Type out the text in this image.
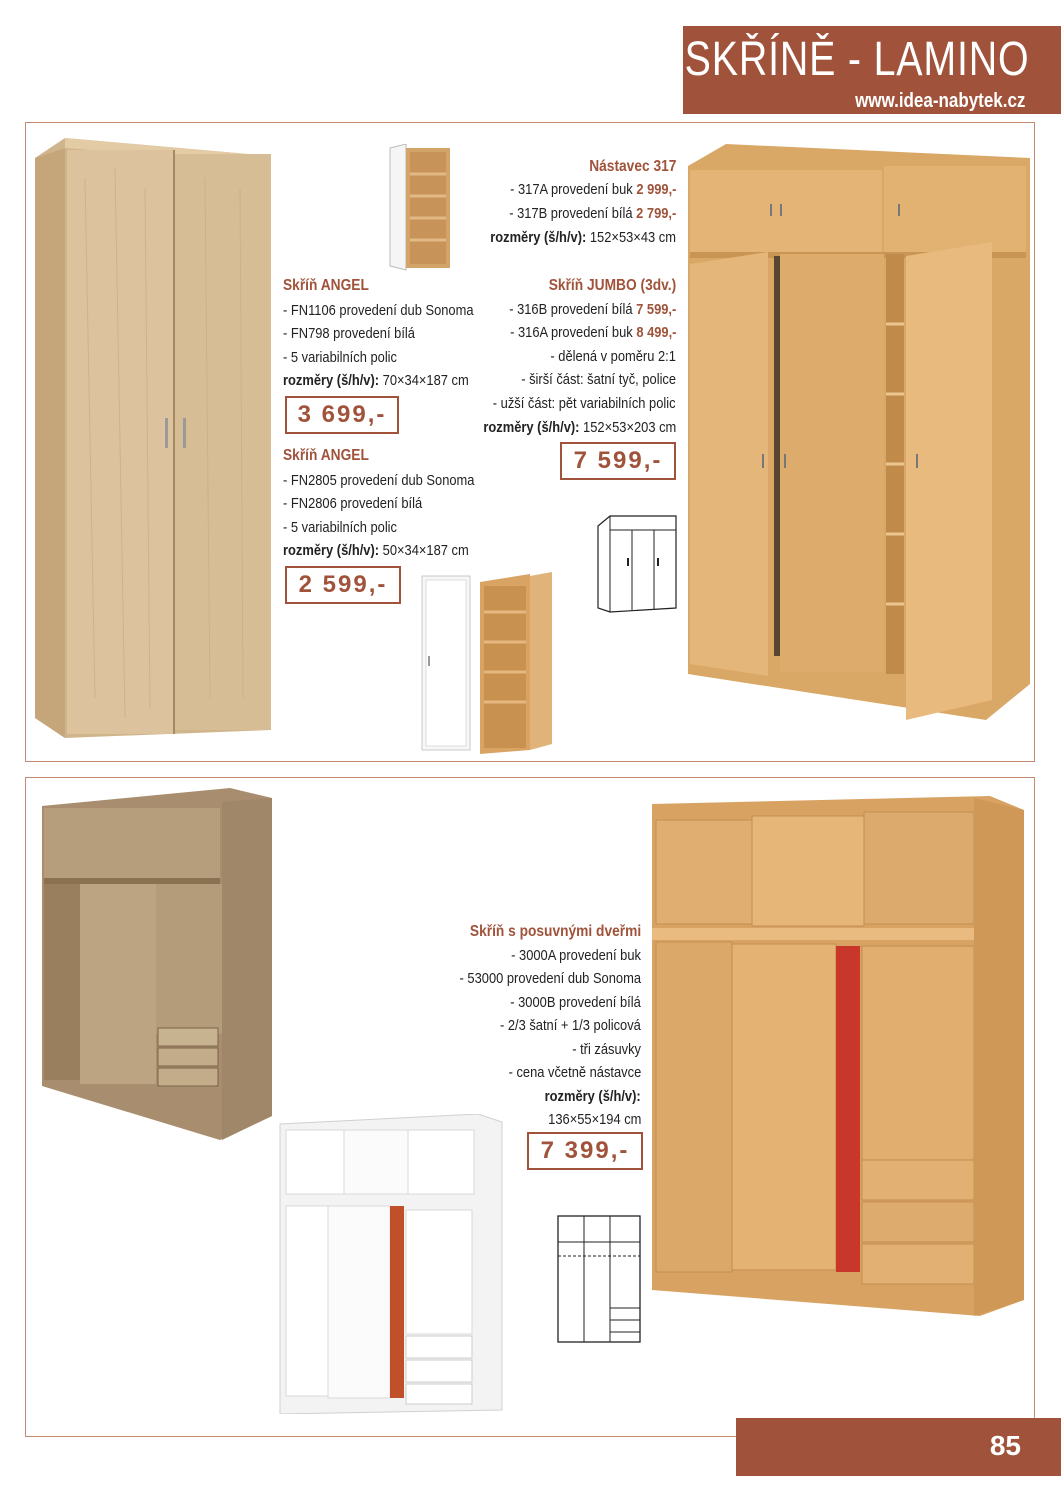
SKŘÍNĚ - LAMINO
www.idea-nabytek.cz
Nástavec 317
- 317A provedení buk 2 999,-
- 317B provedení bílá 2 799,-
rozměry (š/h/v): 152×53×43 cm
Skříň ANGEL
- FN1106 provedení dub Sonoma
- FN798 provedení bílá
- 5 variabilních polic
rozměry (š/h/v): 70×34×187 cm
3 699,-
Skříň ANGEL
- FN2805 provedení dub Sonoma
- FN2806 provedení bílá
- 5 variabilních polic
rozměry (š/h/v): 50×34×187 cm
2 599,-
Skříň JUMBO (3dv.)
- 316B provedení bílá 7 599,-
- 316A provedení buk 8 499,-
- dělená v poměru 2:1
- širší část: šatní tyč, police
- užší část: pět variabilních polic
rozměry (š/h/v): 152×53×203 cm
7 599,-
Skříň s posuvnými dveřmi
- 3000A provedení buk
- 53000 provedení dub Sonoma
- 3000B provedení bílá
- 2/3 šatní + 1/3 policová
- tři zásuvky
- cena včetně nástavce
rozměry (š/h/v):
136×55×194 cm
7 399,-
85
